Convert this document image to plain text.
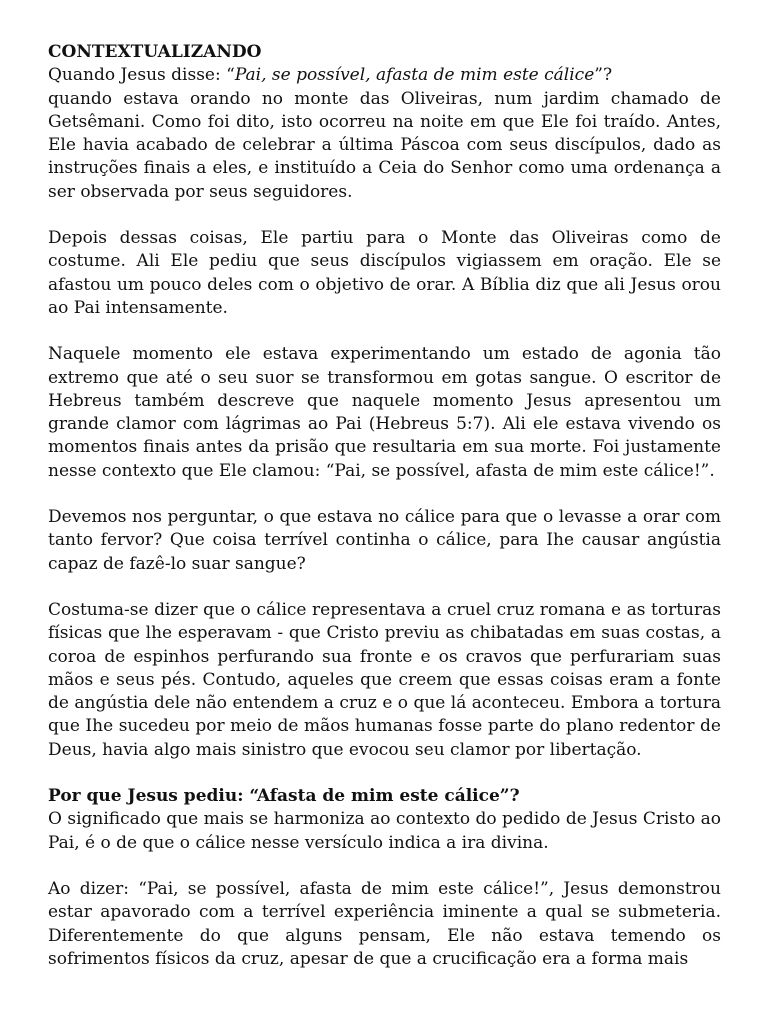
CONTEXTUALIZANDO
Quando Jesus disse: “Pai, se possível, afasta de mim este cálice”?

quando estava orando no monte das Oliveiras, num jardim chamado de Getsêmani. Como foi dito, isto ocorreu na noite em que Ele foi traído. Antes, Ele havia acabado de celebrar a última Páscoa com seus discípulos, dado as instruções finais a eles, e instituído a Ceia do Senhor como uma ordenança a ser observada por seus seguidores.

Depois dessas coisas, Ele partiu para o Monte das Oliveiras como de costume. Ali Ele pediu que seus discípulos vigiassem em oração. Ele se afastou um pouco deles com o objetivo de orar. A Bíblia diz que ali Jesus orou ao Pai intensamente.

Naquele momento ele estava experimentando um estado de agonia tão extremo que até o seu suor se transformou em gotas sangue. O escritor de Hebreus também descreve que naquele momento Jesus apresentou um grande clamor com lágrimas ao Pai (Hebreus 5:7). Ali ele estava vivendo os momentos finais antes da prisão que resultaria em sua morte. Foi justamente nesse contexto que Ele clamou: “Pai, se possível, afasta de mim este cálice!”.

Devemos nos perguntar, o que estava no cálice para que o levasse a orar com tanto fervor? Que coisa terrível continha o cálice, para Ihe causar angústia capaz de fazê-lo suar sangue?

Costuma-se dizer que o cálice representava a cruel cruz romana e as torturas físicas que lhe esperavam - que Cristo previu as chibatadas em suas costas, a coroa de espinhos perfurando sua fronte e os cravos que perfurariam suas mãos e seus pés. Contudo, aqueles que creem que essas coisas eram a fonte de angústia dele não entendem a cruz e o que lá aconteceu. Embora a tortura que Ihe sucedeu por meio de mãos humanas fosse parte do plano redentor de Deus, havia algo mais sinistro que evocou seu clamor por libertação.

Por que Jesus pediu: “Afasta de mim este cálice”?

O significado que mais se harmoniza ao contexto do pedido de Jesus Cristo ao Pai, é o de que o cálice nesse versículo indica a ira divina.

Ao dizer: “Pai, se possível, afasta de mim este cálice!”, Jesus demonstrou estar apavorado com a terrível experiência iminente a qual se submeteria. Diferentemente do que alguns pensam, Ele não estava temendo os sofrimentos físicos da cruz, apesar de que a crucificação era a forma mais
